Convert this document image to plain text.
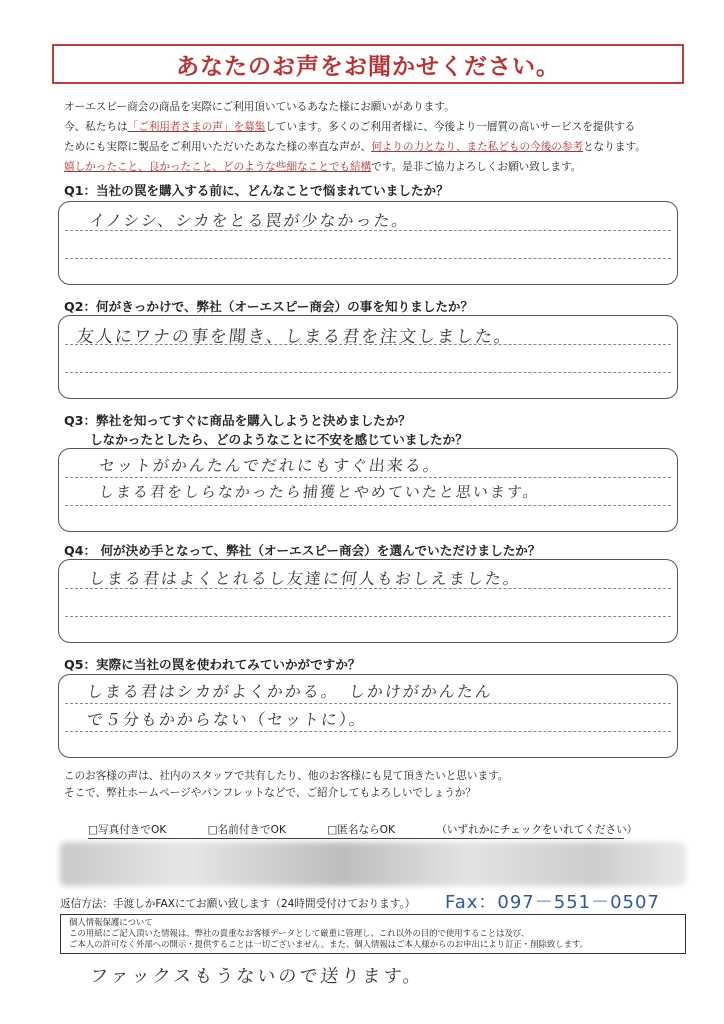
あなたのお声をお聞かせください。
オーエスピー商会の商品を実際にご利用頂いているあなた様にお願いがあります。
今、私たちは「ご利用者さまの声」を募集しています。多くのご利用者様に、今後より一層質の高いサービスを提供する
ためにも実際に製品をご利用いただいたあなた様の率直な声が、何よりの力となり、また私どもの今後の参考となります。
嬉しかったこと、良かったこと、どのような些細なことでも結構です。是非ご協力よろしくお願い致します。
Q1：当社の罠を購入する前に、どんなことで悩まれていましたか？
イノシシ、シカをとる罠が少なかった。
Q2：何がきっかけで、弊社（オーエスピー商会）の事を知りましたか？
友人にワナの事を聞き、しまる君を注文しました。
Q3：弊社を知ってすぐに商品を購入しようと決めましたか？
しなかったとしたら、どのようなことに不安を感じていましたか？
セットがかんたんでだれにもすぐ出来る。
しまる君をしらなかったら捕獲とやめていたと思います。
Q4： 何が決め手となって、弊社（オーエスピー商会）を選んでいただけましたか？
しまる君はよくとれるし友達に何人もおしえました。
Q5：実際に当社の罠を使われてみていかがですか？
しまる君はシカがよくかかる。　しかけがかんたん
で５分もかからない（セットに）。
このお客様の声は、社内のスタッフで共有したり、他のお客様にも見て頂きたいと思います。
そこで、弊社ホームページやパンフレットなどで、ご紹介してもよろしいでしょうか？
□写真付きでOK	□名前付きでOK	□匿名ならOK	（いずれかにチェックをいれてください）
返信方法：手渡しかFAXにてお願い致します（24時間受付けております。） Fax：097－551－0507
個人情報保護について
この用紙にご記入頂いた情報は、弊社の貴重なお客様データとして厳重に管理し、これ以外の目的で使用することは及び、
ご本人の許可なく外部への開示・提供することは一切ございません。また、個人情報はご本人様からのお申出により訂正・削除致します。
ファックスもうないので送ります。
